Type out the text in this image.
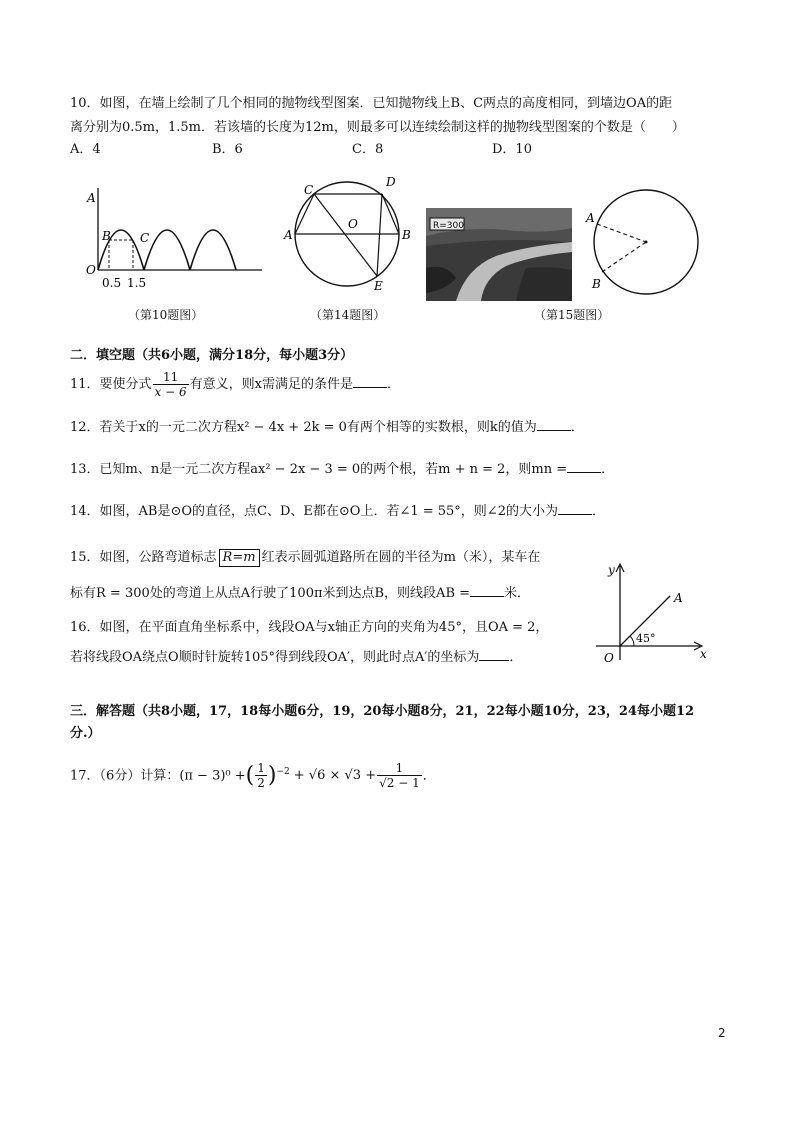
10．如图，在墙上绘制了几个相同的抛物线型图案．已知抛物线上B、C两点的高度相同，到墙边OA的距
离分别为0.5m，1.5m．若该墙的长度为12m，则最多可以连续绘制这样的抛物线型图案的个数是（　　）
A．4	B．6	C．8	D．10
A
B C
O
0.5 1.5
（第10题图）
C
D
A	B
O
E
（第14题图）
R=300
A
B
（第15题图）
二．填空题（共6小题，满分18分，每小题3分）
11．要使分式 $\frac{11}{x - 6}$ 有意义，则x需满足的条件是	．
12．若关于x的一元二次方程x² − 4x + 2k = 0有两个相等的实数根，则k的值为	．
13．已知m、n是一元二次方程ax² − 2x − 3 = 0的两个根，若m + n = 2，则mn =	．
14．如图，AB是⊙O的直径，点C、D、E都在⊙O上．若∠1 = 55°，则∠2的大小为	．
15．如图，公路弯道标志 R=m 红表示圆弧道路所在圆的半径为m（米），某车在
标有R = 300处的弯道上从点A行驶了100π米到达点B，则线段AB =	米．
16．如图，在平面直角坐标系中，线段OA与x轴正方向的夹角为45°，且OA = 2，
若将线段OA绕点O顺时针旋转105°得到线段OA′，则此时点A′的坐标为 ．
y
x
O
A
45°
三．解答题（共8小题，17，18每小题6分，19，20每小题8分，21，22每小题10分，23，24每小题12
分.）
17．（6分）计算：(π − 3)⁰ +( $\frac{1}{2} )^{-2} + √6 \times √3 + \frac{1}{√2 - 1}$ ．
2
